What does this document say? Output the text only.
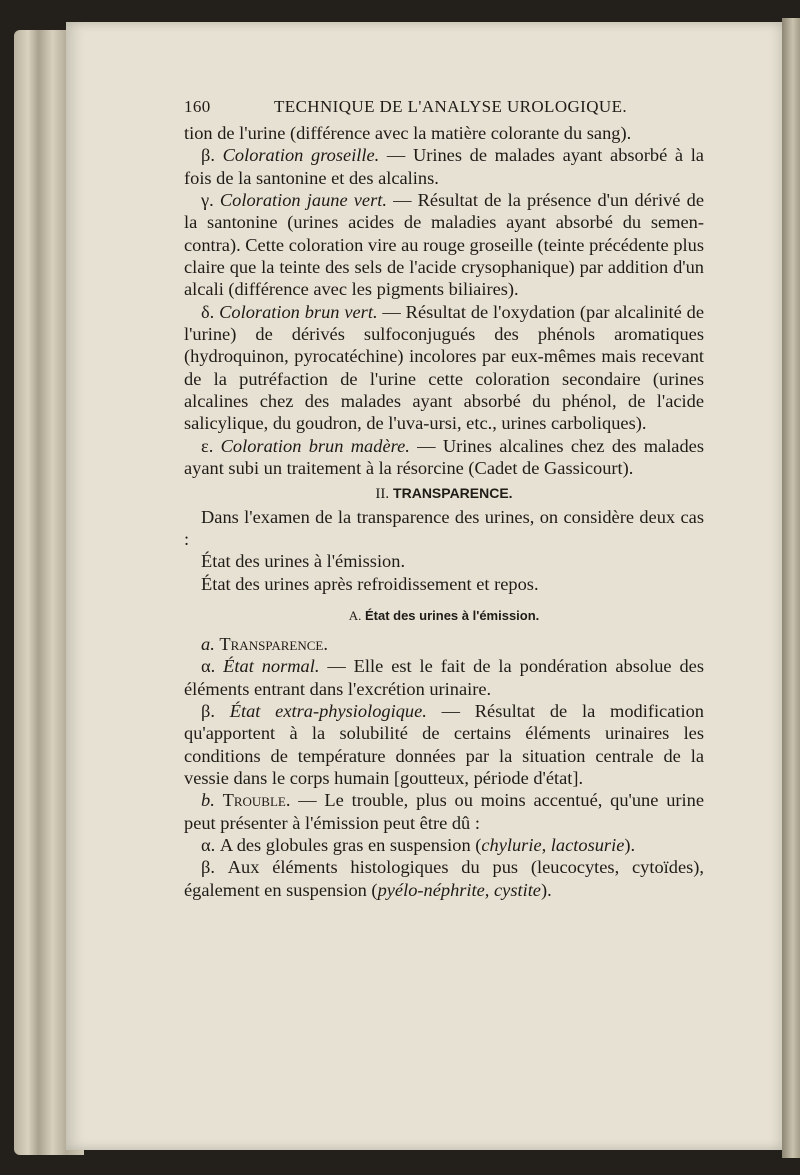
160	TECHNIQUE DE L'ANALYSE UROLOGIQUE.

tion de l'urine (différence avec la matière colorante du sang).

β. Coloration groseille. — Urines de malades ayant absorbé à la fois de la santonine et des alcalins.

γ. Coloration jaune vert. — Résultat de la présence d'un dérivé de la santonine (urines acides de maladies ayant absorbé du semen-contra). Cette coloration vire au rouge groseille (teinte précédente plus claire que la teinte des sels de l'acide crysophanique) par addition d'un alcali (différence avec les pigments biliaires).

δ. Coloration brun vert. — Résultat de l'oxydation (par alcalinité de l'urine) de dérivés sulfoconjugués des phénols aromatiques (hydroquinon, pyrocatéchine) incolores par eux-mêmes mais recevant de la putréfaction de l'urine cette coloration secondaire (urines alcalines chez des malades ayant absorbé du phénol, de l'acide salicylique, du goudron, de l'uva-ursi, etc., urines carboliques).

ε. Coloration brun madère. — Urines alcalines chez des malades ayant subi un traitement à la résorcine (Cadet de Gassicourt).

II. TRANSPARENCE.

Dans l'examen de la transparence des urines, on considère deux cas :

État des urines à l'émission.

État des urines après refroidissement et repos.

A. État des urines à l'émission.

a. Transparence.

α. État normal. — Elle est le fait de la pondération absolue des éléments entrant dans l'excrétion urinaire.

β. État extra-physiologique. — Résultat de la modification qu'apportent à la solubilité de certains éléments urinaires les conditions de température données par la situation centrale de la vessie dans le corps humain [goutteux, période d'état].

b. Trouble. — Le trouble, plus ou moins accentué, qu'une urine peut présenter à l'émission peut être dû :

α. A des globules gras en suspension (chylurie, lactosurie).

β. Aux éléments histologiques du pus (leucocytes, cytoïdes), également en suspension (pyélo-néphrite, cystite).
